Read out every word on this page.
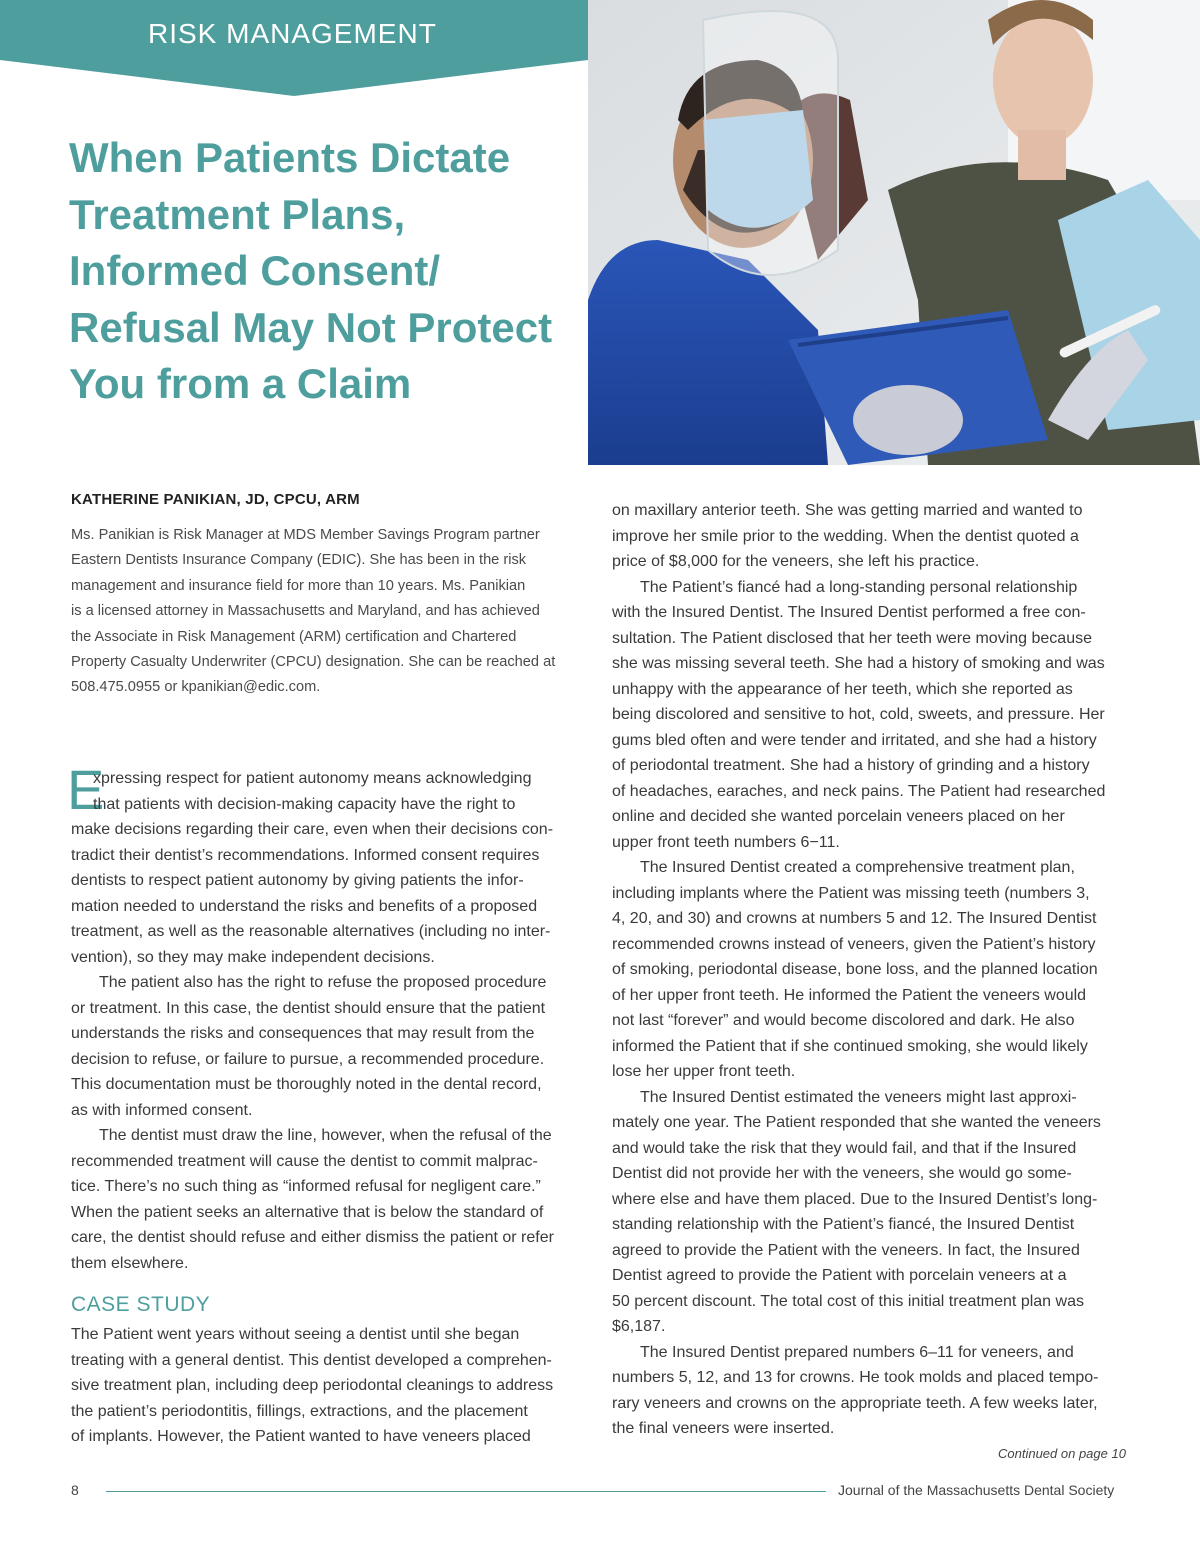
RISK MANAGEMENT
When Patients Dictate
Treatment Plans,
Informed Consent/
Refusal May Not Protect
You from a Claim
KATHERINE PANIKIAN, JD, CPCU, ARM
Ms. Panikian is Risk Manager at MDS Member Savings Program partner
Eastern Dentists Insurance Company (EDIC). She has been in the risk
management and insurance field for more than 10 years. Ms. Panikian
is a licensed attorney in Massachusetts and Maryland, and has achieved
the Associate in Risk Management (ARM) certification and Chartered
Property Casualty Underwriter (CPCU) designation. She can be reached at
508.475.0955 or kpanikian@edic.com.
E
xpressing respect for patient autonomy means acknowledging
that patients with decision-making capacity have the right to
make decisions regarding their care, even when their decisions con-
tradict their dentist’s recommendations. Informed consent requires
dentists to respect patient autonomy by giving patients the infor-
mation needed to understand the risks and benefits of a proposed
treatment, as well as the reasonable alternatives (including no inter-
vention), so they may make independent decisions.
The patient also has the right to refuse the proposed procedure
or treatment. In this case, the dentist should ensure that the patient
understands the risks and consequences that may result from the
decision to refuse, or failure to pursue, a recommended procedure.
This documentation must be thoroughly noted in the dental record,
as with informed consent.
The dentist must draw the line, however, when the refusal of the
recommended treatment will cause the dentist to commit malprac-
tice. There’s no such thing as “informed refusal for negligent care.”
When the patient seeks an alternative that is below the standard of
care, the dentist should refuse and either dismiss the patient or refer
them elsewhere.
CASE STUDY
The Patient went years without seeing a dentist until she began
treating with a general dentist. This dentist developed a comprehen-
sive treatment plan, including deep periodontal cleanings to address
the patient’s periodontitis, fillings, extractions, and the placement
of implants. However, the Patient wanted to have veneers placed
on maxillary anterior teeth. She was getting married and wanted to
improve her smile prior to the wedding. When the dentist quoted a
price of $8,000 for the veneers, she left his practice.
The Patient’s fiancé had a long-standing personal relationship
with the Insured Dentist. The Insured Dentist performed a free con-
sultation. The Patient disclosed that her teeth were moving because
she was missing several teeth. She had a history of smoking and was
unhappy with the appearance of her teeth, which she reported as
being discolored and sensitive to hot, cold, sweets, and pressure. Her
gums bled often and were tender and irritated, and she had a history
of periodontal treatment. She had a history of grinding and a history
of headaches, earaches, and neck pains. The Patient had researched
online and decided she wanted porcelain veneers placed on her
upper front teeth numbers 6−11.
The Insured Dentist created a comprehensive treatment plan,
including implants where the Patient was missing teeth (numbers 3,
4, 20, and 30) and crowns at numbers 5 and 12. The Insured Dentist
recommended crowns instead of veneers, given the Patient’s history
of smoking, periodontal disease, bone loss, and the planned location
of her upper front teeth. He informed the Patient the veneers would
not last “forever” and would become discolored and dark. He also
informed the Patient that if she continued smoking, she would likely
lose her upper front teeth.
The Insured Dentist estimated the veneers might last approxi-
mately one year. The Patient responded that she wanted the veneers
and would take the risk that they would fail, and that if the Insured
Dentist did not provide her with the veneers, she would go some-
where else and have them placed. Due to the Insured Dentist’s long-
standing relationship with the Patient’s fiancé, the Insured Dentist
agreed to provide the Patient with the veneers. In fact, the Insured
Dentist agreed to provide the Patient with porcelain veneers at a
50 percent discount. The total cost of this initial treatment plan was
$6,187.
The Insured Dentist prepared numbers 6–11 for veneers, and
numbers 5, 12, and 13 for crowns. He took molds and placed tempo-
rary veneers and crowns on the appropriate teeth. A few weeks later,
the final veneers were inserted.
Continued on page 10
8	Journal of the Massachusetts Dental Society
